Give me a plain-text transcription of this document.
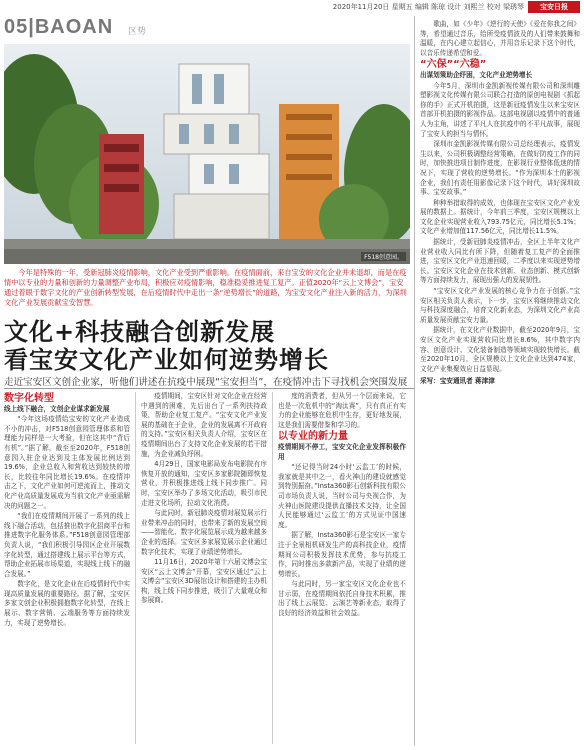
2020年11月20日 星期五 编辑 陈琼 设计 刘熙兰 校对 梁琇琴	宝安日报
05|BAOAN 区势
F518创意园。

今年是特殊的一年，受新冠肺炎疫情影响，文化产业受到严重影响。在疫情面前，来自宝安的文化企业并未退却，而是在疫情中以专业的力量和创新的力量调整产业布局，积极应对疫情影响，稳准稳妥推进复工复产。正值2020年“云上文博会”，宝安通过着眼于数字文化的产业创新转型发展，在后疫情时代中走出一条“逆势增长”的道路，为宝安文化产业注入新的活力，为深圳文化产业发展贡献宝安智慧。

文化+科技融合创新发展
看宝安文化产业如何逆势增长
走近宝安区文创企业家，听他们讲述在抗疫中展现“宝安担当”，在疫情冲击下寻找机会突围发展

数字化转型

线上线下融合，文创企业谋求新发展

“今年这场疫情给宝安的文化产业造成不小的冲击，对F518创意园管理体系和管理能力同样是一大考验，但在这其中“背后有机”。”据了解，截至至2020年，F518创意园入驻企业达到及主体发展比例达到19.6%，企业总收入和营收达到较快的增长，比较往年同比增长19.6%。在疫情冲击之下，文化产业如何可逆流而上，推动文化产业高质量发展成为当前文化产业亟需解决的问题之一。

“我们在疫情期间开展了一系列的线上线下融合活动，包括推出数字化招商平台和推进数字化服务体系。”F518创意园管理部负责人说，“我们积极引导园区企业开展数字化转型，通过搭建线上展示平台等方式，帮助企业拓展市场渠道，实现线上线下的融合发展。”

数字化，是文化企业在后疫情时代中实现高质量发展的重要路径。据了解，宝安区多家文创企业积极拥抱数字化转型，在线上展示、数字营销、云端服务等方面持续发力，实现了逆势增长。

疫情期间，宝安区针对文化企业在经营中遇到的困难，先后出台了一系列扶持政策，帮助企业复工复产。“宝安文化产业发展的基础在于企业，企业的发展离不开政府的支持。”宝安区相关负责人介绍，宝安区在疫情期间出台了支持文化企业发展的若干措施，为企业减负纾困。

4月29日，国家电影局发布电影院有序恢复开放的通知，宝安区多家影院随即恢复营业，并积极推进线上线下同步推广。同时，宝安区举办了多场文化活动，吸引市民走进文化场所，拉动文化消费。

与此同时，新冠肺炎疫情对展览展示行业带来冲击的同时，也带来了新的发展空间——智能化、数字化展览展示成为越来越多企业的选择。宝安区多家展览展示企业通过数字化技术，实现了业绩逆势增长。

11月16日，2020年第十六届文博会宝安区“云上文博会”开幕，宝安区通过“云上文博会”宝安区3D展馆设计和搭建的主办机构，线上线下同步推进，吸引了大量观众和参展商。

度的消费者，但从另一个层面来说，它也是一次危机中的“淘汰赛”，只有真正有实力的企业能够在危机中生存，更好地发展，这是我们需要借鉴和学习的。

以专业的新力量

疫情期间不停工，宝安文化企业发挥积极作用

“还记得当时24小时‘云监工’的时候，我家就是其中之一，看火神山的建设就感觉到特别振奋。”Insta360影石创新科技有限公司市场负责人说，当时公司与央视合作，为火神山医院建设提供直播技术支持，让全国人民能够通过‘云监工’的方式见证中国速度。

据了解，Insta360影石是宝安区一家专注于全景相机研发生产的高科技企业，疫情期间公司积极发挥技术优势，参与抗疫工作，同时推出多款新产品，实现了业绩的逆势增长。

与此同时，另一家宝安区文化企业也不甘示弱，在疫情期间依托自身技术积累，推出了线上云展览、云演艺等新业态，取得了良好的经济效益和社会效益。

歌曲，如《少年》《逆行的天使》《爱在你我之间》等，希望通过音乐，给所受疫情波及的人们带来鼓舞和温暖，在内心建立起信心，并用音乐记录下这个时代，以音乐传递希望和爱。

“六保”“六稳”

出谋划策助企纾困，文化产业逆势增长

今年5月，深圳市金凯新视传媒有限公司和深圳雕塑影视文化传媒有限公司联合打造的原创电视剧《抓起你的手》正式开机拍摄，这是新冠疫情发生以来宝安区首部开机拍摄的影视作品。这部电视剧以疫情中的普通人为主角，讲述了平凡人在抗疫中的不平凡故事，展现了宝安人的担当与情怀。

深圳市金凯影视传媒有限公司总经理表示，疫情发生以来，公司积极调整经营策略，在做好防疫工作的同时，加快推进项目制作进度，在影视行业整体低迷的情况下，实现了营收的逆势增长。“作为深圳本土的影视企业，我们有责任用影像记录下这个时代，讲好深圳故事、宝安故事。”

种种举措取得的成效，也体现在宝安区文化产业发展的数据上。据统计，今年前三季度，宝安区规模以上文化企业实现营业收入793.75亿元，同比增长5.1%；文化产业增加值117.56亿元，同比增长11.5%。

据统计，受新冠肺炎疫情冲击，全区上半年文化产业营业收入同比有所下降，但随着复工复产的全面推进，宝安区文化产业迅速回暖，二季度以来实现逆势增长。宝安区文化企业在技术创新、业态创新、模式创新等方面持续发力，展现出强大的发展韧性。

“宝安区文化产业发展的核心竞争力在于创新。”宝安区相关负责人表示，下一步，宝安区将继续推动文化与科技深度融合，培育文化新业态，为深圳文化产业高质量发展贡献宝安力量。

据统计，在文化产业数据中，截至2020年9月，宝安区文化产业实现营收同比增长8.6%，其中数字内容、创意设计、文化装备制造等领域实现较快增长。截至2020年10月，全区规模以上文化企业达到474家，文化产业集聚效应日益显现。

采写：宝安通讯者 蒋津津
